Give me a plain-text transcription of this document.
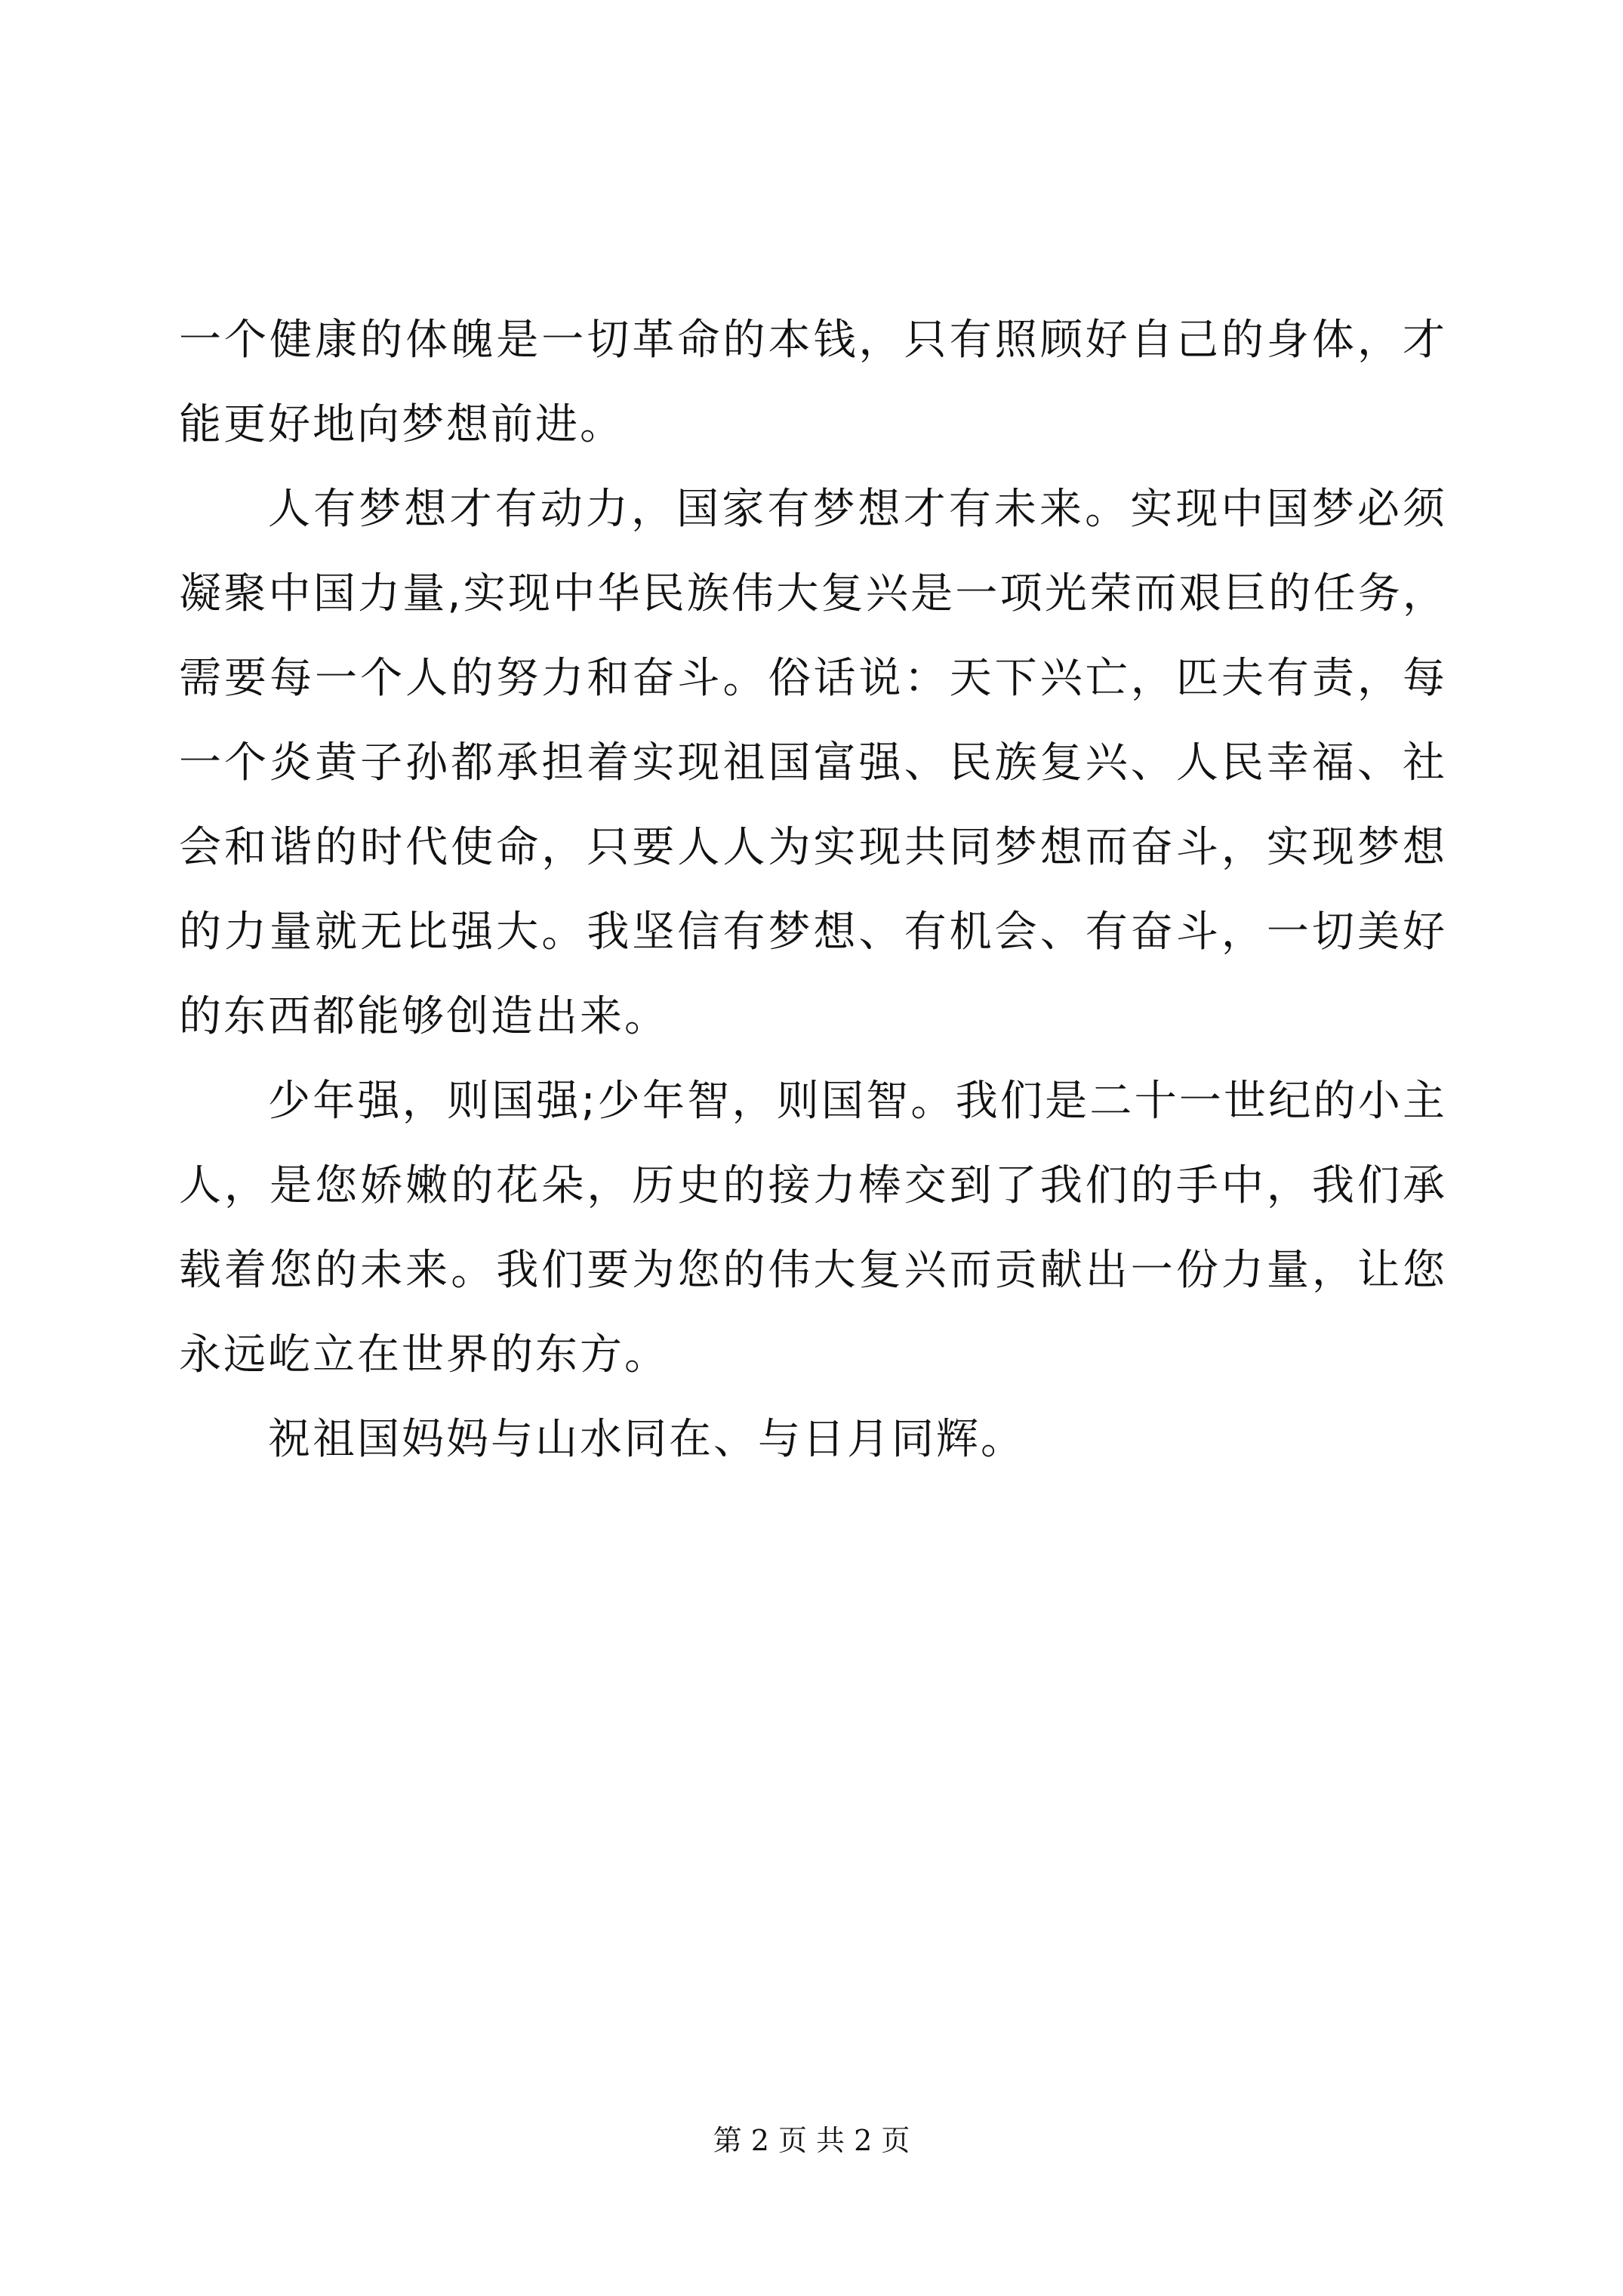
一个健康的体魄是一切革命的本钱，只有照顾好自己的身体，才能更好地向梦想前进。

人有梦想才有动力，国家有梦想才有未来。实现中国梦必须凝聚中国力量,实现中华民族伟大复兴是一项光荣而艰巨的任务，需要每一个人的努力和奋斗。俗话说：天下兴亡，匹夫有责，每一个炎黄子孙都承担着实现祖国富强、民族复兴、人民幸福、社会和谐的时代使命，只要人人为实现共同梦想而奋斗，实现梦想的力量就无比强大。我坚信有梦想、有机会、有奋斗，一切美好的东西都能够创造出来。

少年强，则国强;少年智，则国智。我们是二十一世纪的小主人，是您娇嫩的花朵，历史的接力棒交到了我们的手中，我们承载着您的未来。我们要为您的伟大复兴而贡献出一份力量，让您永远屹立在世界的东方。

祝祖国妈妈与山水同在、与日月同辉。

第 2 页 共 2 页
